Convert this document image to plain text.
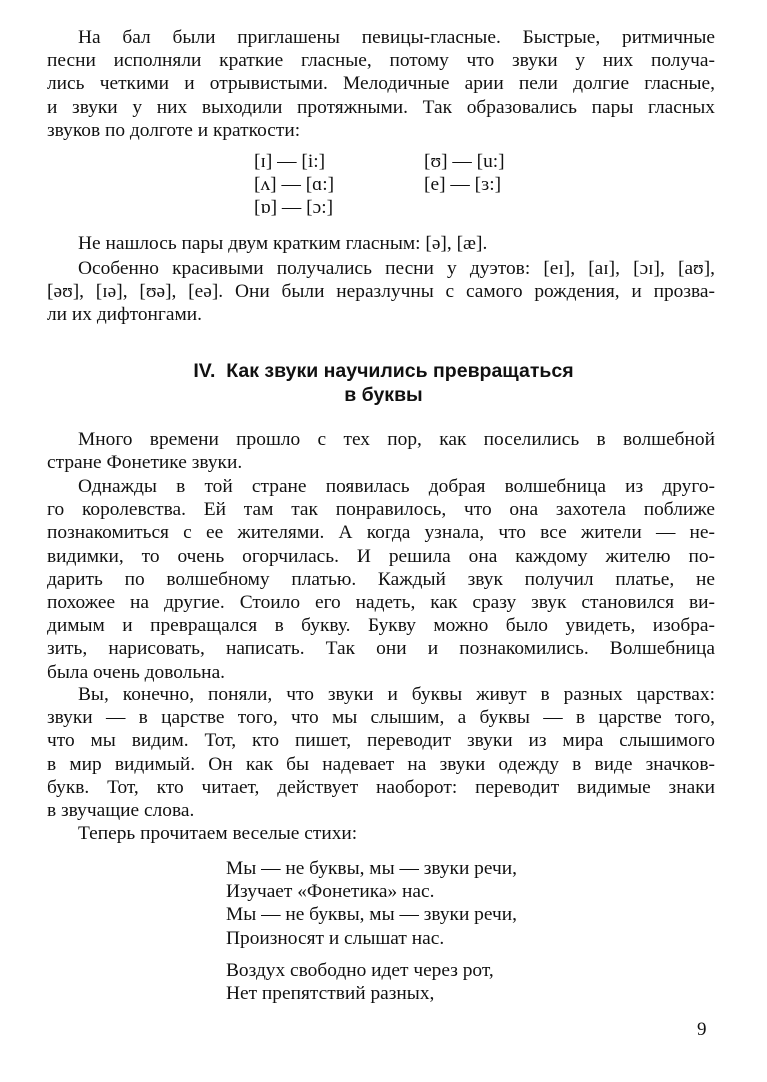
На бал были приглашены певицы-гласные. Быстрые, ритмичные
песни исполняли краткие гласные, потому что звуки у них получа-
лись четкими и отрывистыми. Мелодичные арии пели долгие гласные,
и звуки у них выходили протяжными. Так образовались пары гласных
звуков по долготе и краткости:
[ɪ] — [i:]
[ʌ] — [ɑ:]
[ɒ] — [ɔ:]
[ʊ] — [u:]
[e] — [ɜ:]
Не нашлось пары двум кратким гласным: [ə], [æ].
Особенно красивыми получались песни у дуэтов: [eɪ], [aɪ], [ɔɪ], [aʊ],
[əʊ], [ɪə], [ʊə], [eə]. Они были неразлучны с самого рождения, и прозва-
ли их дифтонгами.
IV.  Как звуки научились превращаться
в буквы
Много времени прошло с тех пор, как поселились в волшебной
стране Фонетике звуки.
Однажды в той стране появилась добрая волшебница из друго-
го королевства. Ей там так понравилось, что она захотела поближе
познакомиться с ее жителями. А когда узнала, что все жители — не-
видимки, то очень огорчилась. И решила она каждому жителю по-
дарить по волшебному платью. Каждый звук получил платье, не
похожее на другие. Стоило его надеть, как сразу звук становился ви-
димым и превращался в букву. Букву можно было увидеть, изобра-
зить, нарисовать, написать. Так они и познакомились. Волшебница
была очень довольна.
Вы, конечно, поняли, что звуки и буквы живут в разных царствах:
звуки — в царстве того, что мы слышим, а буквы — в царстве того,
что мы видим. Тот, кто пишет, переводит звуки из мира слышимого
в мир видимый. Он как бы надевает на звуки одежду в виде значков-
букв. Тот, кто читает, действует наоборот: переводит видимые знаки
в звучащие слова.
Теперь прочитаем веселые стихи:
Мы — не буквы, мы — звуки речи,
Изучает «Фонетика» нас.
Мы — не буквы, мы — звуки речи,
Произносят и слышат нас.
Воздух свободно идет через рот,
Нет препятствий разных,
9
